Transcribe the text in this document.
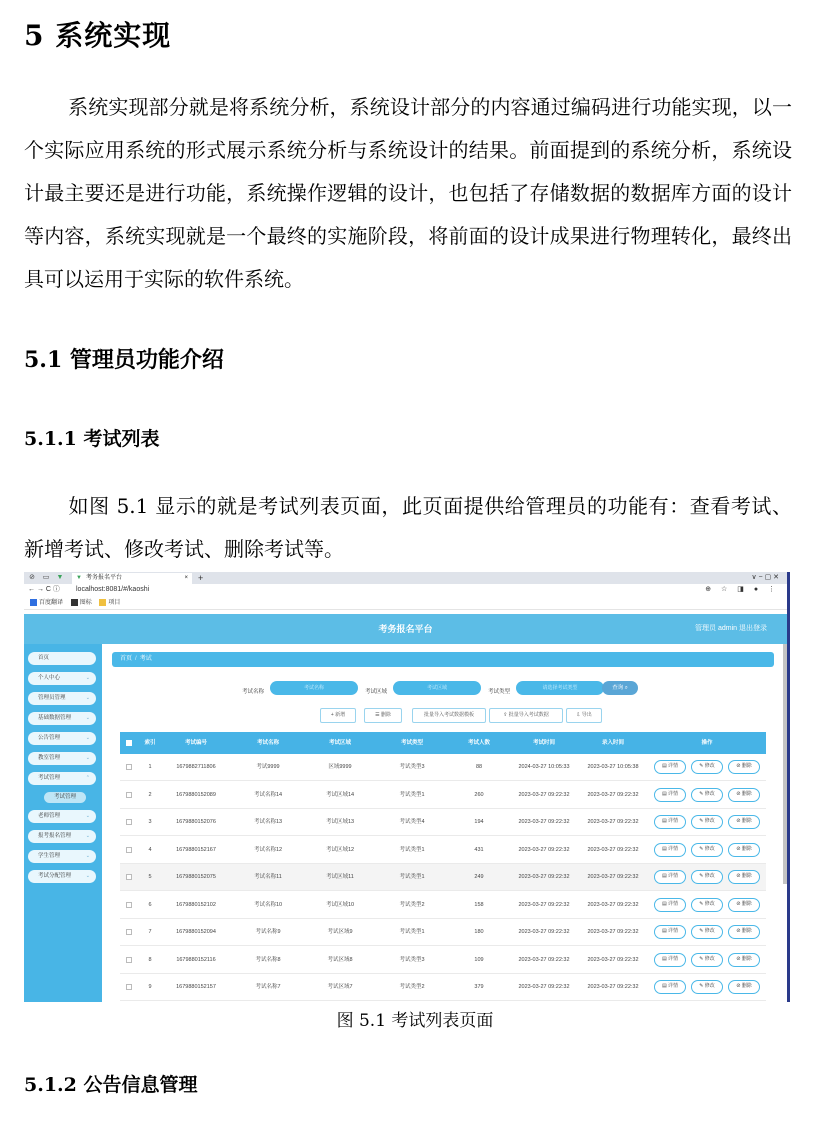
5 系统实现
系统实现部分就是将系统分析，系统设计部分的内容通过编码进行功能实现，以一个实际应用系统的形式展示系统分析与系统设计的结果。前面提到的系统分析，系统设计最主要还是进行功能，系统操作逻辑的设计，也包括了存储数据的数据库方面的设计等内容，系统实现就是一个最终的实施阶段，将前面的设计成果进行物理转化，最终出具可以运用于实际的软件系统。
5.1 管理员功能介绍
5.1.1 考试列表
如图 5.1 显示的就是考试列表页面，此页面提供给管理员的功能有：查看考试、新增考试、修改考试、删除考试等。
⊘ ▭ ▼ ▼ 考务报名平台	× +	∨ − ▢ ✕
← → C ⓘ localhost:8081/#/kaoshi	⊕ ☆ ◨ ● ⋮
百度翻译	图标	项目
考务报名平台	管理员 admin 退出登录
首页
个人中心	⌄
管理员管理	⌄
基础数据管理	⌄
公告管理	⌄
教室管理	⌄
考试管理	⌃
考试管理
老师管理	⌄
报考报名管理	⌄
学生管理	⌄
考试分配管理	⌄
首页 / 考试
考试名称
考试名称
考试区域
考试区域
考试类型
请选择考试类型	查询 ⌕
+ 新增	☰ 删除	批量导入考试数据模板	⇪ 批量导入考试数据	⇩ 导出
索引	考试编号	考试名称	考试区域	考试类型	考试人数	考试时间	录入时间	操作
1	1679882711806	考试9999	区域9999	考试类型3	88	2024-03-27 10:05:33	2023-03-27 10:05:38	▤ 详情	✎ 修改	⊘ 删除
2	1679880152089	考试名称14	考试区域14	考试类型1	260	2023-03-27 09:22:32	2023-03-27 09:22:32	▤ 详情	✎ 修改	⊘ 删除
3	1679880152076	考试名称13	考试区域13	考试类型4	194	2023-03-27 09:22:32	2023-03-27 09:22:32	▤ 详情	✎ 修改	⊘ 删除
4	1679880152167	考试名称12	考试区域12	考试类型1	431	2023-03-27 09:22:32	2023-03-27 09:22:32	▤ 详情	✎ 修改	⊘ 删除
5	1679880152075	考试名称11	考试区域11	考试类型1	249	2023-03-27 09:22:32	2023-03-27 09:22:32	▤ 详情	✎ 修改	⊘ 删除
6	1679880152102	考试名称10	考试区域10	考试类型2	158	2023-03-27 09:22:32	2023-03-27 09:22:32	▤ 详情	✎ 修改	⊘ 删除
7	1679880152094	考试名称9	考试区域9	考试类型1	180	2023-03-27 09:22:32	2023-03-27 09:22:32	▤ 详情	✎ 修改	⊘ 删除
8	1679880152116	考试名称8	考试区域8	考试类型3	109	2023-03-27 09:22:32	2023-03-27 09:22:32	▤ 详情	✎ 修改	⊘ 删除
9	1679880152157	考试名称7	考试区域7	考试类型2	379	2023-03-27 09:22:32	2023-03-27 09:22:32	▤ 详情	✎ 修改	⊘ 删除
图 5.1 考试列表页面
5.1.2 公告信息管理
